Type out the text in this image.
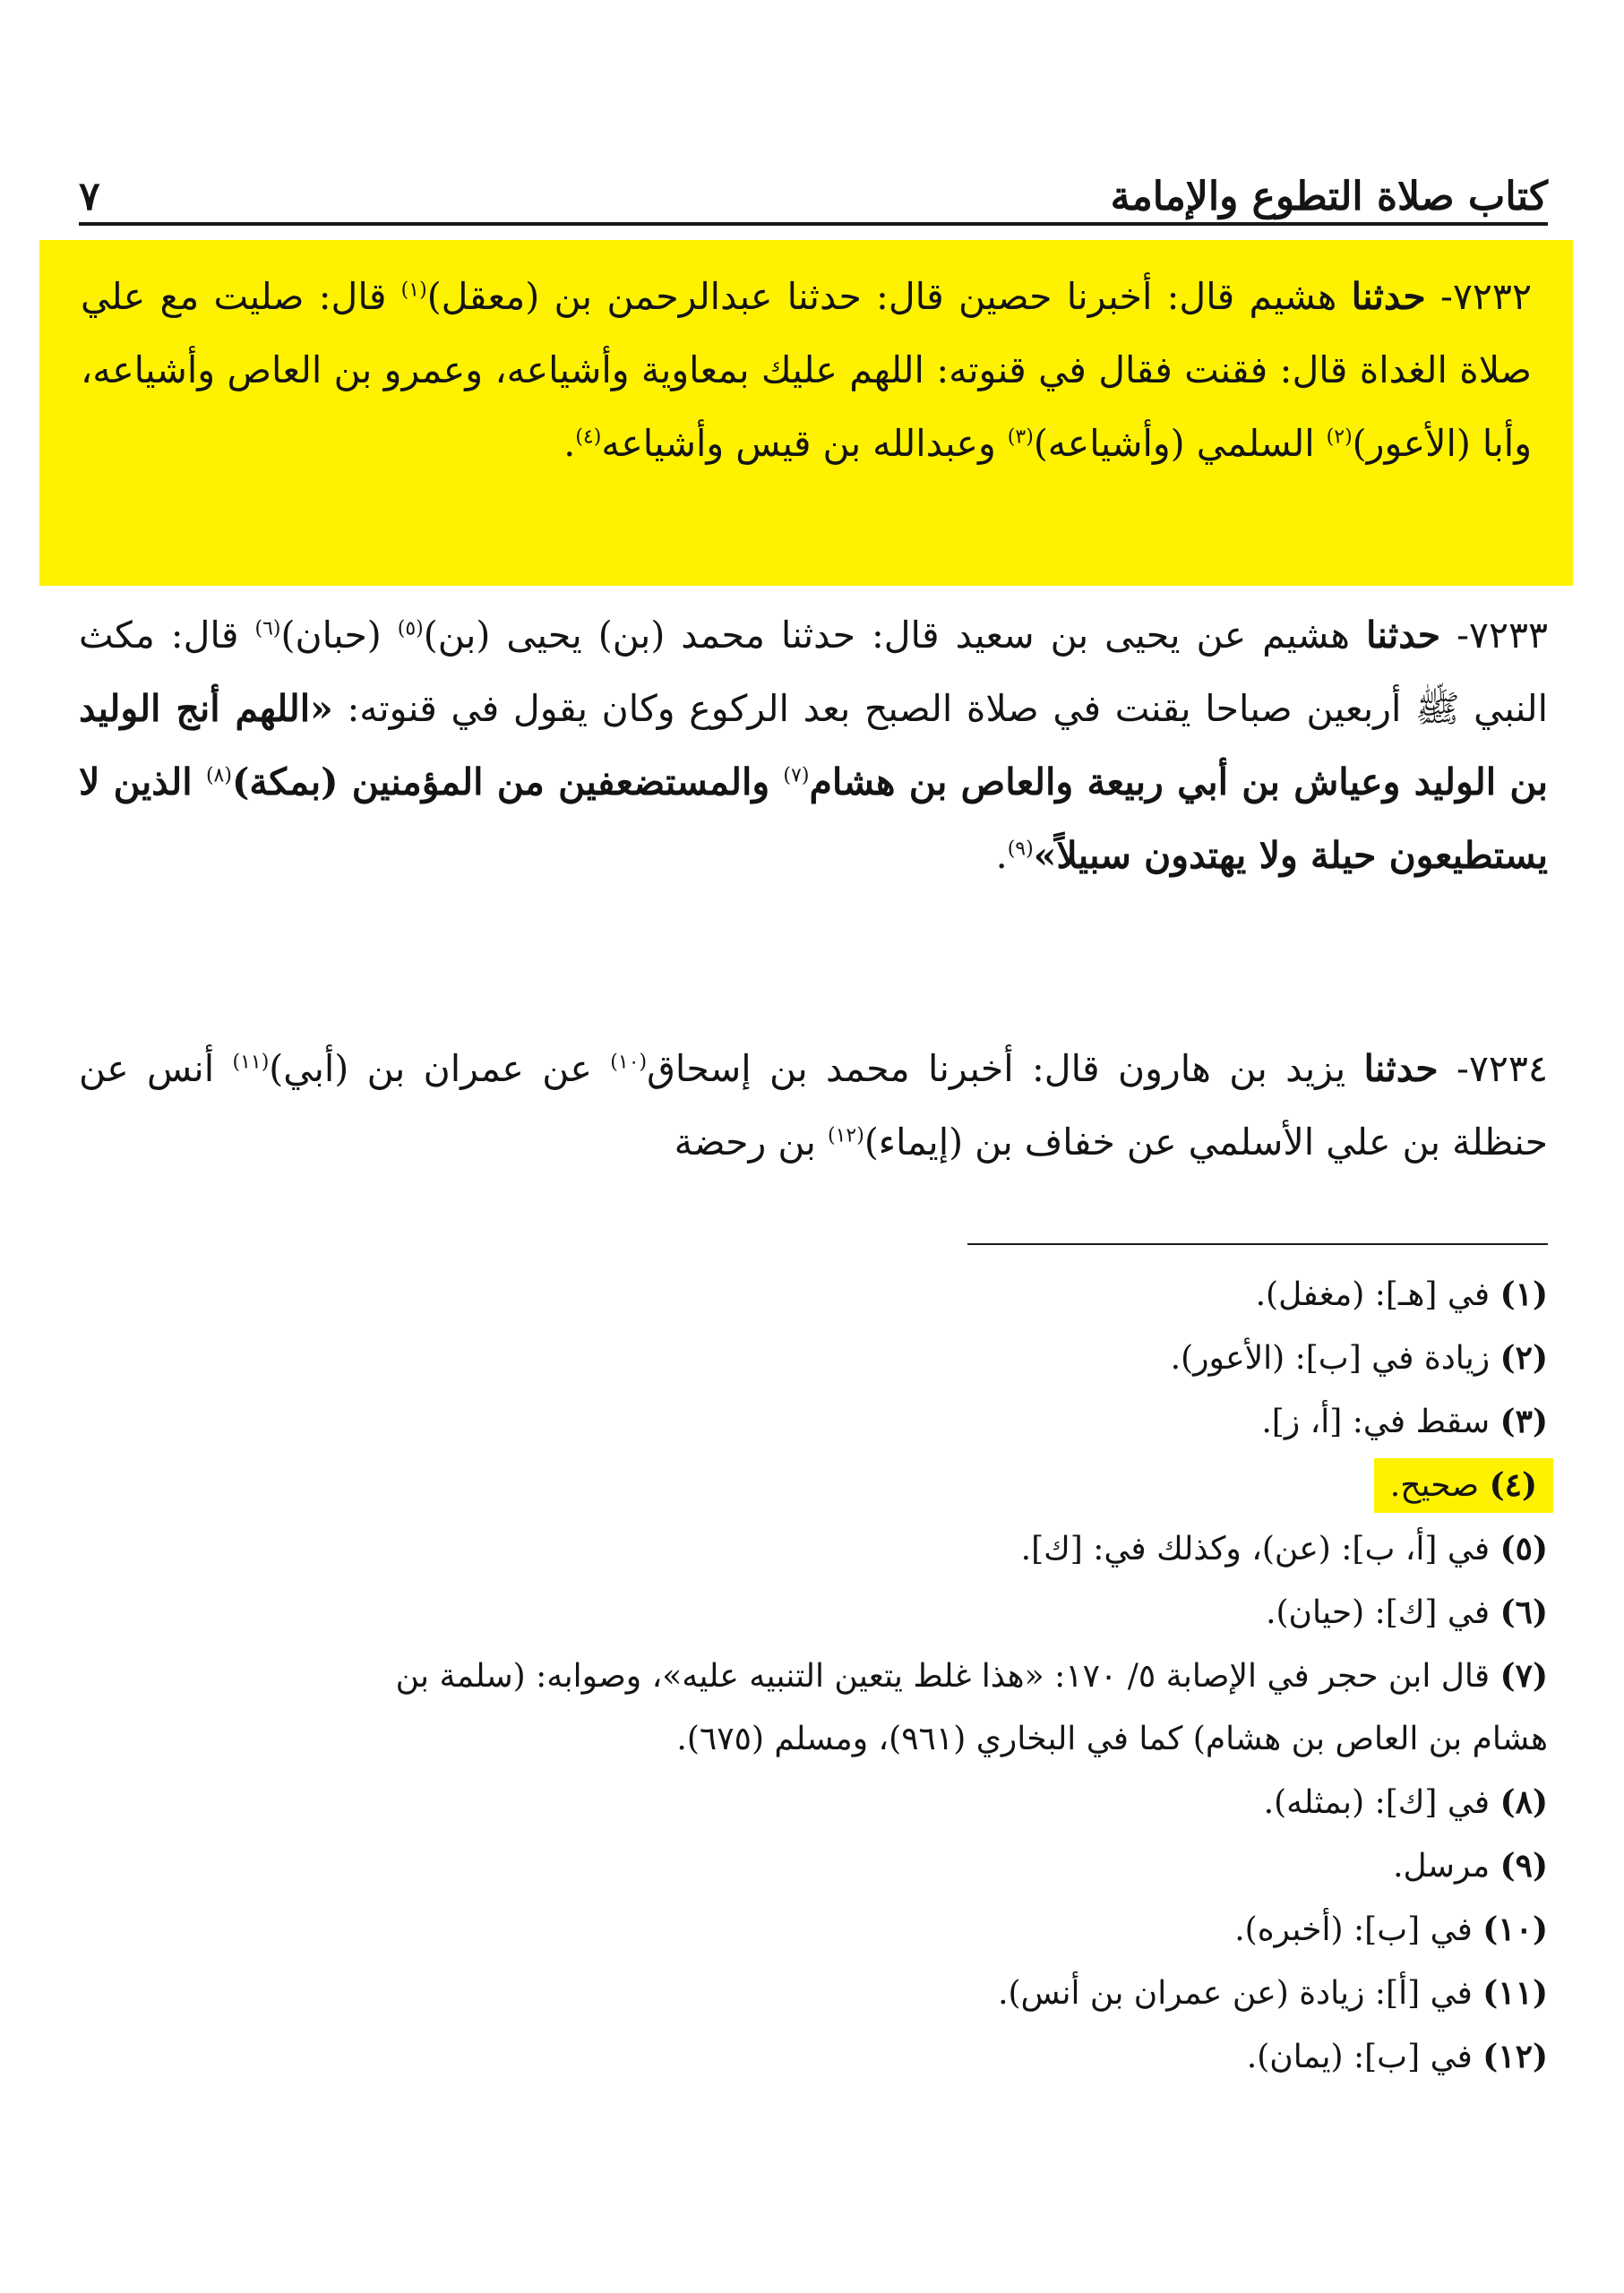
كتاب صلاة التطوع والإمامة
٧
٧٢٣٢- حدثنا هشيم قال: أخبرنا حصين قال: حدثنا عبدالرحمن بن (معقل)$^{(١)}$ قال: صليت مع علي صلاة الغداة قال: فقنت فقال في قنوته: اللهم عليك بمعاوية وأشياعه، وعمرو بن العاص وأشياعه، وأبا (الأعور)$^{(٢)}$ السلمي (وأشياعه)$^{(٣)}$ وعبدالله بن قيس وأشياعه$^{(٤)}$.
٧٢٣٣- حدثنا هشيم عن يحيى بن سعيد قال: حدثنا محمد (بن) يحيى (بن)$^{(٥)}$ (حبان)$^{(٦)}$ قال: مكث النبي ﷺ أربعين صباحا يقنت في صلاة الصبح بعد الركوع وكان يقول في قنوته: «اللهم أنج الوليد بن الوليد وعياش بن أبي ربيعة والعاص بن هشام$^{(٧)}$ والمستضعفين من المؤمنين (بمكة)$^{(٨)}$ الذين لا يستطيعون حيلة ولا يهتدون سبيلاً»$^{(٩)}$.
٧٢٣٤- حدثنا يزيد بن هارون قال: أخبرنا محمد بن إسحاق$^{(١٠)}$ عن عمران بن (أبي)$^{(١١)}$ أنس عن حنظلة بن علي الأسلمي عن خفاف بن (إيماء)$^{(١٢)}$ بن رحضة
(١) في [هـ]: (مغفل).
(٢) زيادة في [ب]: (الأعور).
(٣) سقط في: [أ، ز].
(٤) صحيح.
(٥) في [أ، ب]: (عن)، وكذلك في: [ك].
(٦) في [ك]: (حيان).
(٧) قال ابن حجر في الإصابة ٥/ ١٧٠: «هذا غلط يتعين التنبيه عليه»، وصوابه: (سلمة بن
هشام بن العاص بن هشام) كما في البخاري (٩٦١)، ومسلم (٦٧٥).
(٨) في [ك]: (بمثله).
(٩) مرسل.
(١٠) في [ب]: (أخبره).
(١١) في [أ]: زيادة (عن عمران بن أنس).
(١٢) في [ب]: (يمان).
